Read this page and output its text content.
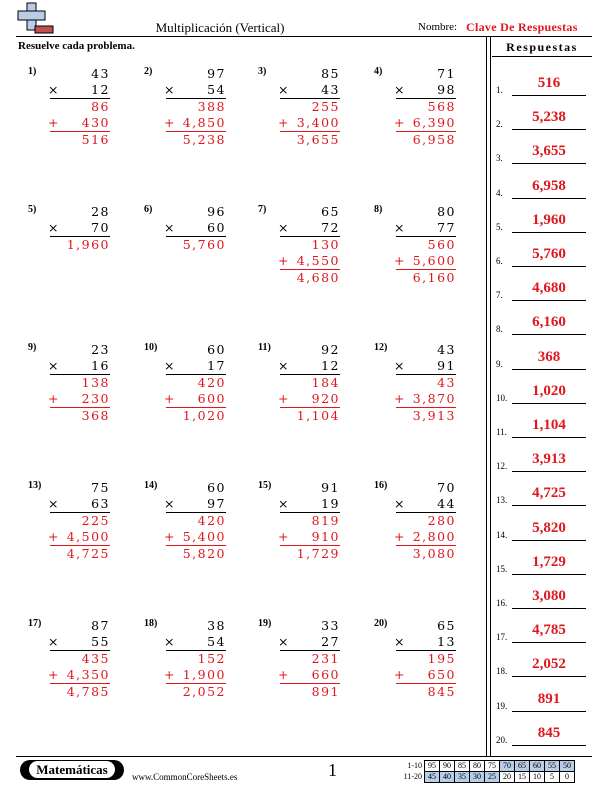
Multiplicación (Vertical)	Nombre: Clave De Respuestas
Resuelve cada problema.	Respuestas
1)	43
× 12
86
+ 430
516
2)	97
× 54
388
+ 4,850
5,238
3)	85
× 43
255
+ 3,400
3,655
4)	71
× 98
568
+ 6,390
6,958
5)	28
× 70
1,960
6)	96
× 60
5,760
7)	65
× 72
130
+ 4,550
4,680
8)	80
× 77
560
+ 5,600
6,160
9)	23
× 16
138
+ 230
368
10)	60
× 17
420
+ 600
1,020
11)	92
× 12
184
+ 920
1,104
12)	43
× 91
43
+ 3,870
3,913
13)	75
× 63
225
+ 4,500
4,725
14)	60
× 97
420
+ 5,400
5,820
15)	91
× 19
819
+ 910
1,729
16)	70
× 44
280
+ 2,800
3,080
17)	87
× 55
435
+ 4,350
4,785
18)	38
× 54
152
+ 1,900
2,052
19)	33
× 27
231
+ 660
891
20)	65
× 13
195
+ 650
845
1.	516
2.	5,238
3.	3,655
4.	6,958
5.	1,960
6.	5,760
7.	4,680
8.	6,160
9.	368
10.	1,020
11.	1,104
12.	3,913
13.	4,725
14.	5,820
15.	1,729
16.	3,080
17.	4,785
18.	2,052
19.	891
20.	845
Matemáticas	www.CommonCoreSheets.es	1	1-10	95	90	85	80	75	70	65	60	55	50
11-20	45	40	35	30	25	20	15	10	5	0
